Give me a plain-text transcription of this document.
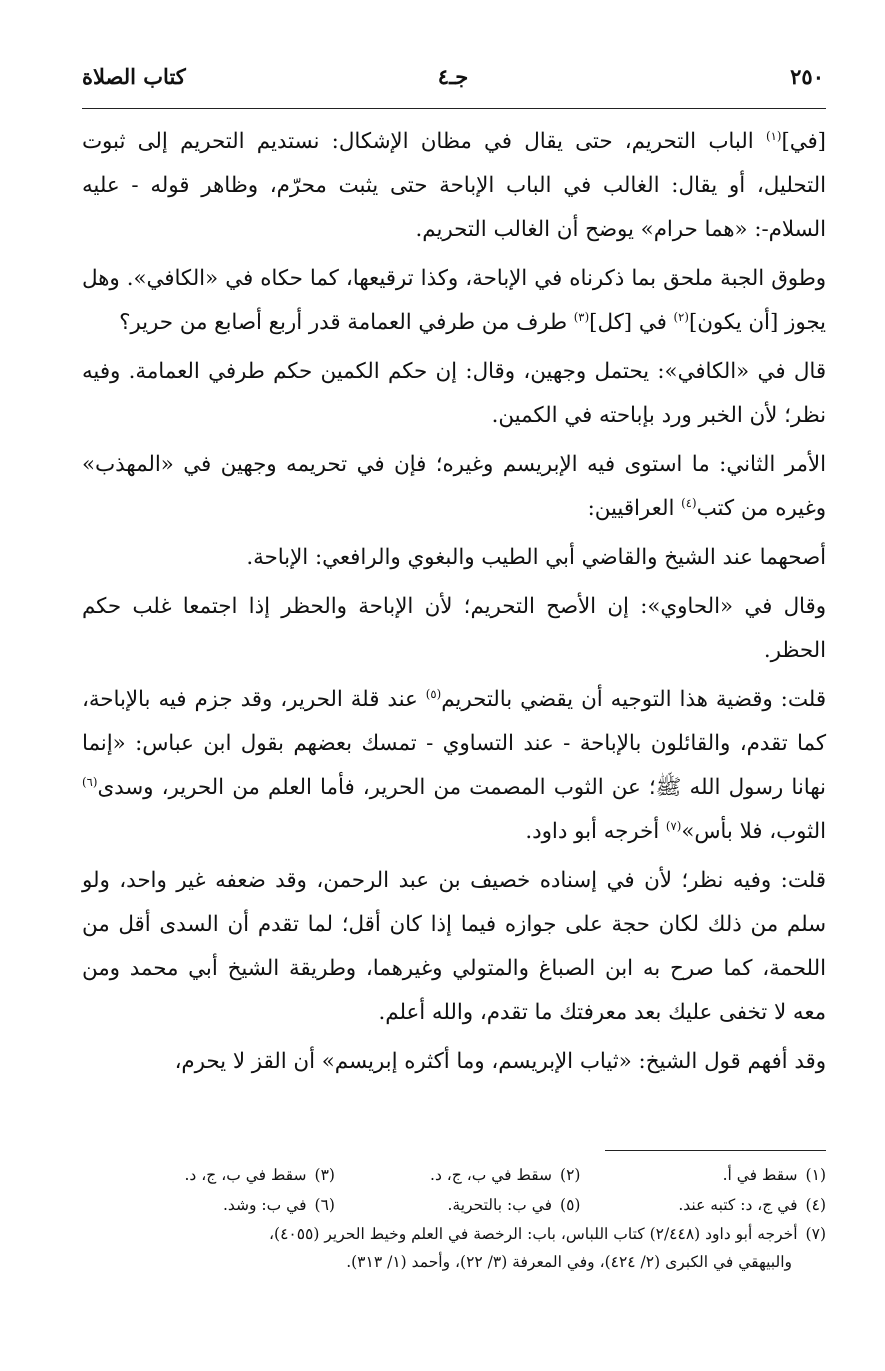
٢٥٠
جـ٤
كتاب الصلاة

[في]$^{(١)}$ الباب التحريم، حتى يقال في مظان الإشكال: نستديم التحريم إلى ثبوت التحليل، أو يقال: الغالب في الباب الإباحة حتى يثبت محرّم، وظاهر قوله - عليه السلام-: «هما حرام» يوضح أن الغالب التحريم.

وطوق الجبة ملحق بما ذكرناه في الإباحة، وكذا ترقيعها، كما حكاه في «الكافي». وهل يجوز [أن يكون]$^{(٢)}$ في [كل]$^{(٣)}$ طرف من طرفي العمامة قدر أربع أصابع من حرير؟

قال في «الكافي»: يحتمل وجهين، وقال: إن حكم الكمين حكم طرفي العمامة. وفيه نظر؛ لأن الخبر ورد بإباحته في الكمين.

الأمر الثاني: ما استوى فيه الإبريسم وغيره؛ فإن في تحريمه وجهين في «المهذب» وغيره من كتب$^{(٤)}$ العراقيين:

أصحهما عند الشيخ والقاضي أبي الطيب والبغوي والرافعي: الإباحة.

وقال في «الحاوي»: إن الأصح التحريم؛ لأن الإباحة والحظر إذا اجتمعا غلب حكم الحظر.

قلت: وقضية هذا التوجيه أن يقضي بالتحريم$^{(٥)}$ عند قلة الحرير، وقد جزم فيه بالإباحة، كما تقدم، والقائلون بالإباحة - عند التساوي - تمسك بعضهم بقول ابن عباس: «إنما نهانا رسول الله ﷺ؛ عن الثوب المصمت من الحرير، فأما العلم من الحرير، وسدى$^{(٦)}$ الثوب، فلا بأس»$^{(٧)}$ أخرجه أبو داود.

قلت: وفيه نظر؛ لأن في إسناده خصيف بن عبد الرحمن، وقد ضعفه غير واحد، ولو سلم من ذلك لكان حجة على جوازه فيما إذا كان أقل؛ لما تقدم أن السدى أقل من اللحمة، كما صرح به ابن الصباغ والمتولي وغيرهما، وطريقة الشيخ أبي محمد ومن معه لا تخفى عليك بعد معرفتك ما تقدم، والله أعلم.

وقد أفهم قول الشيخ: «ثياب الإبريسم، وما أكثره إبريسم» أن القز لا يحرم،

(١)سقط في أ.
(٢)سقط في ب، ج، د.
(٣)سقط في ب، ج، د.
(٤)في ج، د: كتبه عند.
(٥)في ب: بالتحرية.
(٦)في ب: وشد.
(٧)أخرجه أبو داود (٢/٤٤٨) كتاب اللباس، باب: الرخصة في العلم وخيط الحرير (٤٠٥٥)،
والبيهقي في الكبرى (٢/ ٤٢٤)، وفي المعرفة (٣/ ٢٢)، وأحمد (١/ ٣١٣).
